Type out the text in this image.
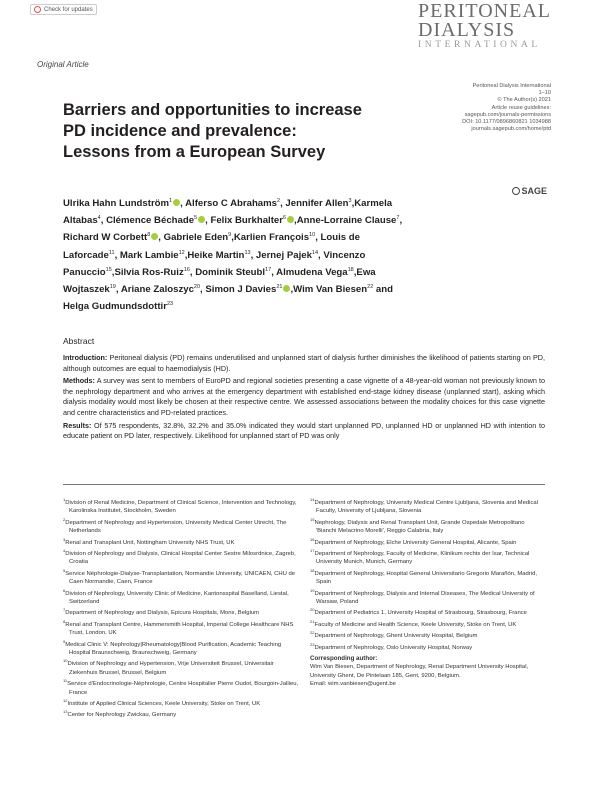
Check for updates	PERITONEAL
DIALYSIS
INTERNATIONAL
Original Article
Peritoneal Dialysis International
1–10
© The Author(s) 2021
Article reuse guidelines:
sagepub.com/journals-permissions
DOI: 10.1177/0896860821 1034988
journals.sagepub.com/home/ptd
SAGE
Barriers and opportunities to increase PD incidence and prevalence: Lessons from a European Survey
Ulrika Hahn Lundström$^1$ , Alferso C Abrahams$^2$, Jennifer Allen$^3$,Karmela Altabas$^4$, Clémence Béchade$^5$ , Felix Burkhalter$^6$ ,Anne-Lorraine Clause$^7$, Richard W Corbett$^8$ , Gabriele Eden$^9$,Karlien François$^{10}$, Louis de Laforcade$^{11}$, Mark Lambie$^{12}$,Heike Martin$^{13}$, Jernej Pajek$^{14}$, Vincenzo Panuccio$^{15}$,Silvia Ros-Ruiz$^{16}$, Dominik Steubl$^{17}$, Almudena Vega$^{18}$,Ewa Wojtaszek$^{19}$, Ariane Zaloszyc$^{20}$, Simon J Davies$^{21}$ ,Wim Van Biesen$^{22}$ and Helga Gudmundsdottir$^{23}$
Abstract

Introduction: Peritoneal dialysis (PD) remains underutilised and unplanned start of dialysis further diminishes the likelihood of patients starting on PD, although outcomes are equal to haemodialysis (HD).

Methods: A survey was sent to members of EuroPD and regional societies presenting a case vignette of a 48-year-old woman not previously known to the nephrology department and who arrives at the emergency department with established end-stage kidney disease (unplanned start), asking which dialysis modality would most likely be chosen at their respective centre. We assessed associations between the modality choices for this case vignette and centre characteristics and PD-related practices.

Results: Of 575 respondents, 32.8%, 32.2% and 35.0% indicated they would start unplanned PD, unplanned HD or unplanned HD with intention to educate patient on PD later, respectively. Likelihood for unplanned start of PD was only

$^1$Division of Renal Medicine, Department of Clinical Science, Intervention and Technology, Karolinska Institutet, Stockholm, Sweden
$^2$Department of Nephrology and Hypertension, University Medical Center Utrecht, The Netherlands
$^3$Renal and Transplant Unit, Nottingham University NHS Trust, UK
$^4$Division of Nephrology and Dialysis, Clinical Hospital Center Sestre Milosrdnice, Zagreb, Croatia
$^5$Service Néphrologie-Dialyse-Transplantation, Normandie University, UNICAEN, CHU de Caen Normandie, Caen, France
$^6$Division of Nephrology, University Clinic of Medicine, Kantonsspital Baselland, Liestal, Switzerland
$^7$Department of Nephrology and Dialysis, Epicura Hospitals, Mons, Belgium
$^8$Renal and Transplant Centre, Hammersmith Hospital, Imperial College Healthcare NHS Trust, London, UK
$^9$Medical Clinic V: Nephrology|Rheumatology|Blood Purification, Academic Teaching Hospital Braunschweig, Braunschweig, Germany
$^{10}$Division of Nephrology and Hypertension, Vrije Universiteit Brussel, Universitair Ziekenhuis Brussel, Brussel, Belgium
$^{11}$Service d'Endocrinologie-Néphrologie, Centre Hospitalier Pierre Oudot, Bourgoin-Jallieu, France
$^{12}$Institute of Applied Clinical Sciences, Keele University, Stoke on Trent, UK
$^{13}$Center for Nephrology Zwickau, Germany
$^{14}$Department of Nephrology, University Medical Centre Ljubljana, Slovenia and Medical Faculty, University of Ljubljana, Slovenia
$^{15}$Nephrology, Dialysis and Renal Transplant Unit, Grande Ospedale Metropolitano 'Bianchi Melacrino Morelli', Reggio Calabria, Italy
$^{16}$Department of Nephrology, Elche University General Hospital, Alicante, Spain
$^{17}$Department of Nephrology, Faculty of Medicine, Klinikum rechts der Isar, Technical University Munich, Munich, Germany
$^{18}$Department of Nephrology, Hospital General Universitario Gregorio Marañón, Madrid, Spain
$^{19}$Department of Nephrology, Dialysis and Internal Diseases, The Medical University of Warsaw, Poland
$^{20}$Department of Pediatrics 1, University Hospital of Strasbourg, Strasbourg, France
$^{21}$Faculty of Medicine and Health Science, Keele University, Stoke on Trent, UK
$^{22}$Department of Nephrology, Ghent University Hospital, Belgium
$^{23}$Department of Nephrology, Oslo University Hospital, Norway
Corresponding author:
Wim Van Biesen, Department of Nephrology, Renal Department University Hospital, University Ghent, De Pintelaan 185, Gent, 9200, Belgium.
Email: wim.vanbiesen@ugent.be
